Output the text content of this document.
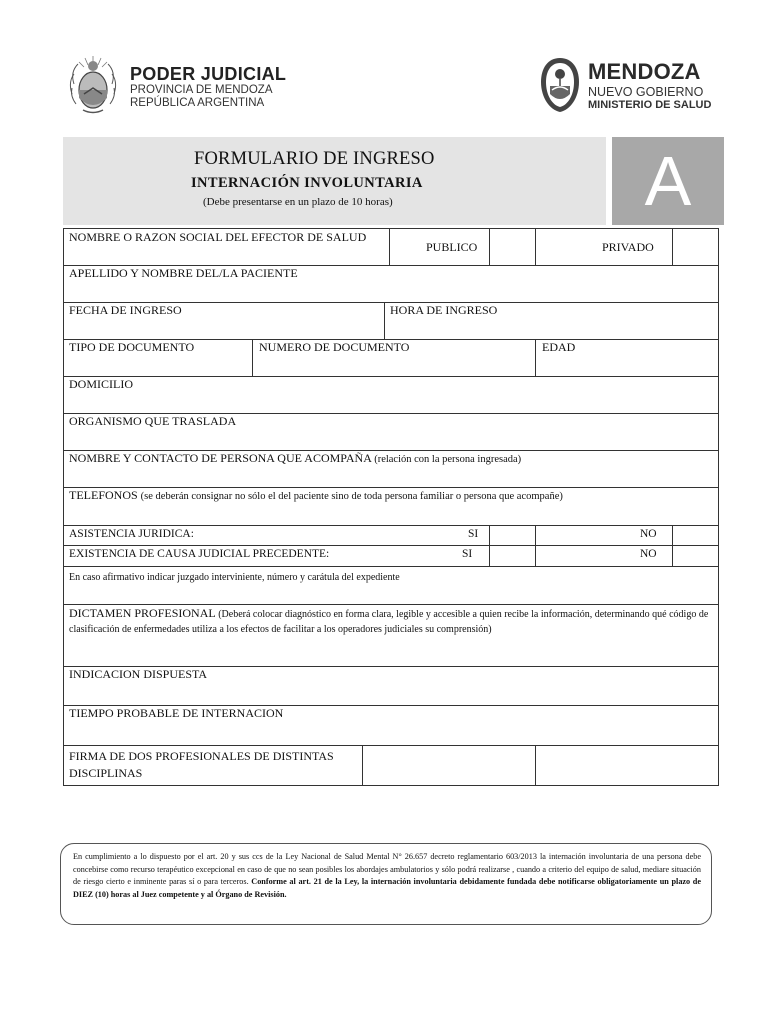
PODER JUDICIAL
PROVINCIA DE MENDOZA
REPÚBLICA ARGENTINA
MENDOZA
NUEVO GOBIERNO
MINISTERIO DE SALUD
FORMULARIO DE INGRESO
INTERNACIÓN INVOLUNTARIA
(Debe presentarse en un plazo de 10 horas)	A
NOMBRE O RAZON SOCIAL DEL EFECTOR DE SALUD
PUBLICO	PRIVADO
APELLIDO Y NOMBRE DEL/LA PACIENTE
FECHA DE INGRESO	HORA DE INGRESO
TIPO DE DOCUMENTO	NUMERO DE DOCUMENTO	EDAD
DOMICILIO
ORGANISMO QUE TRASLADA
NOMBRE Y CONTACTO DE PERSONA QUE ACOMPAÑA (relación con la persona ingresada)
TELEFONOS (se deberán consignar no sólo el del paciente sino de toda persona familiar o persona que acompañe)
ASISTENCIA JURIDICA:	SI	NO
EXISTENCIA DE CAUSA JUDICIAL PRECEDENTE:	SI	NO
En caso afirmativo indicar juzgado interviniente, número y carátula del expediente
DICTAMEN PROFESIONAL (Deberá colocar diagnóstico en forma clara, legible y accesible a quien recibe la información, determinando qué código de clasificación de enfermedades utiliza a los efectos de facilitar a los operadores judiciales su comprensión)
INDICACION DISPUESTA
TIEMPO PROBABLE DE INTERNACION
FIRMA DE DOS PROFESIONALES DE DISTINTAS
DISCIPLINAS
En cumplimiento a lo dispuesto por el art. 20 y sus ccs de la Ley Nacional de Salud Mental N° 26.657 decreto reglamentario 603/2013 la internación involuntaria de una persona debe concebirse como recurso terapéutico excepcional en caso de que no sean posibles los abordajes ambulatorios y sólo podrá realizarse , cuando a criterio del equipo de salud, mediare situación de riesgo cierto e inminente paras sí o para terceros. Conforme al art. 21 de la Ley, la internación involuntaria debidamente fundada debe notificarse obligatoriamente un plazo de DIEZ (10) horas al Juez competente y al Órgano de Revisión.
